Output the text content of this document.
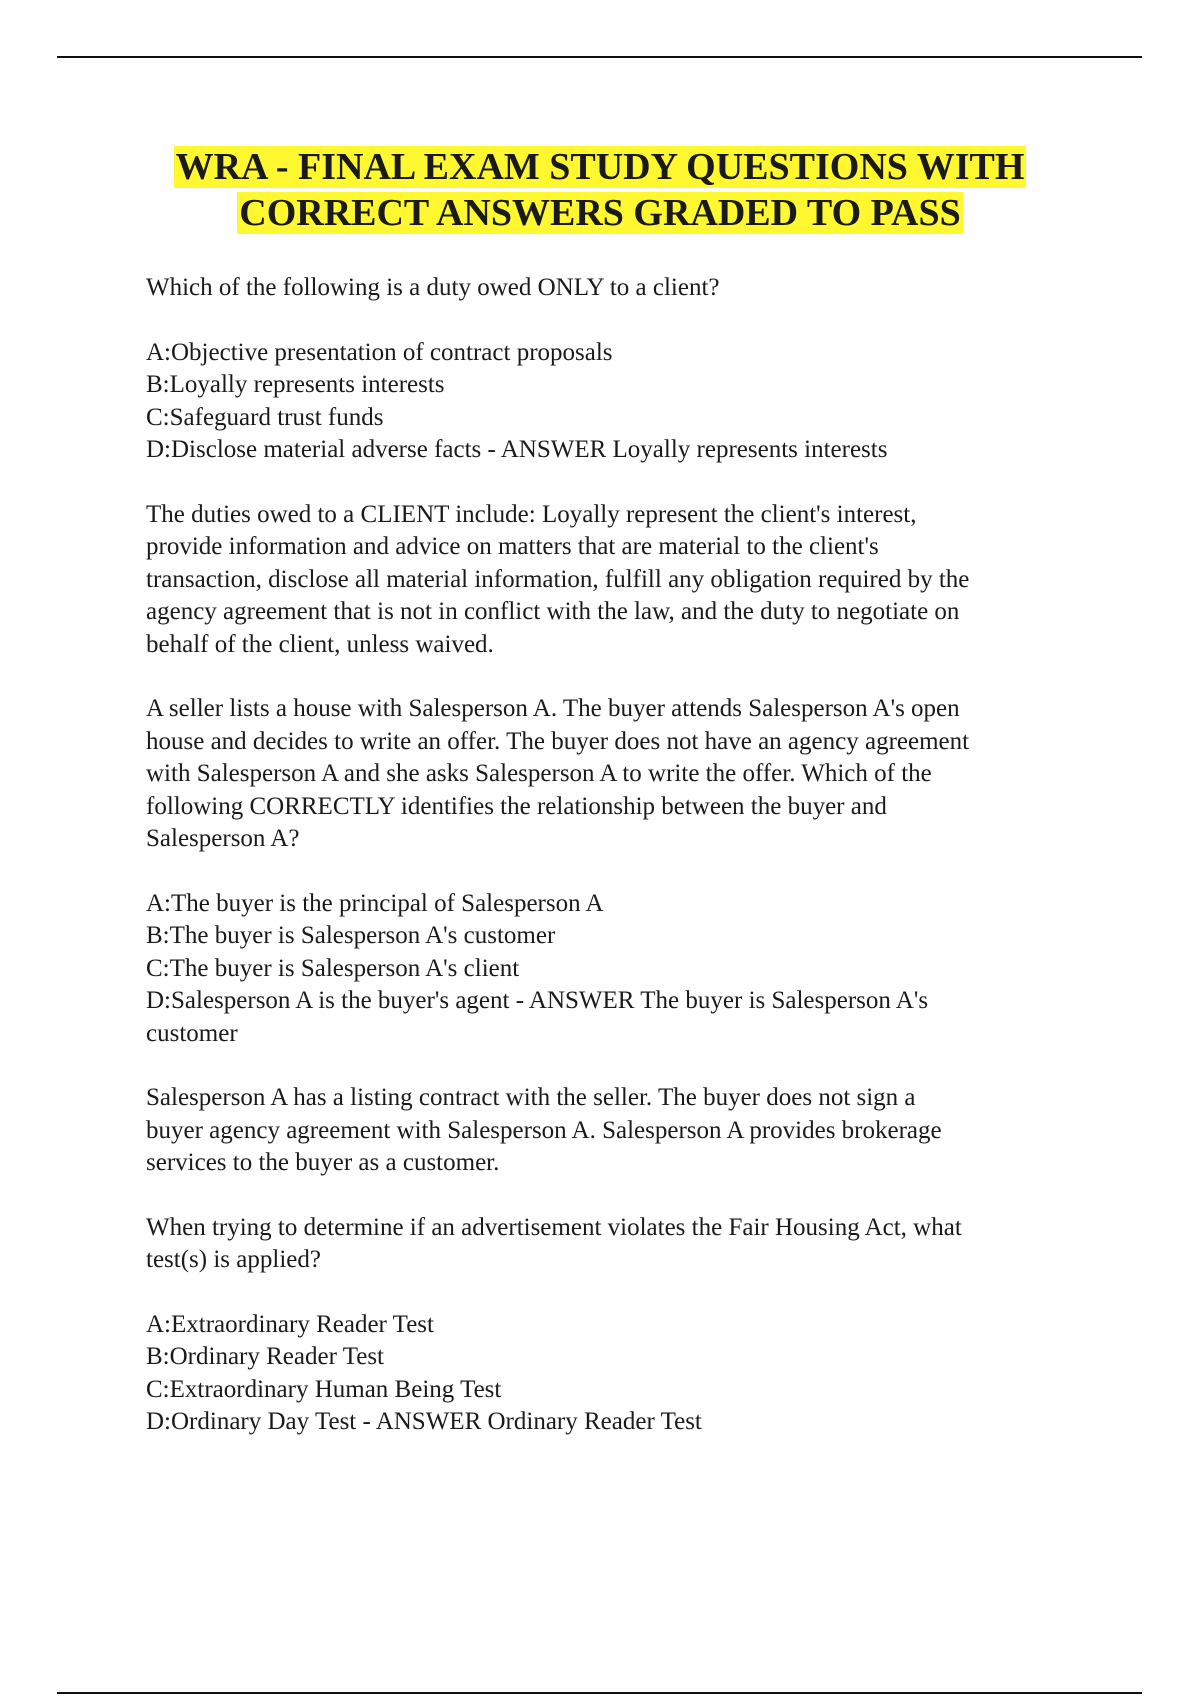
WRA - FINAL EXAM STUDY QUESTIONS WITH
CORRECT ANSWERS GRADED TO PASS

Which of the following is a duty owed ONLY to a client?

A:Objective presentation of contract proposals
B:Loyally represents interests
C:Safeguard trust funds
D:Disclose material adverse facts - ANSWER Loyally represents interests

The duties owed to a CLIENT include: Loyally represent the client's interest,
provide information and advice on matters that are material to the client's
transaction, disclose all material information, fulfill any obligation required by the
agency agreement that is not in conflict with the law, and the duty to negotiate on
behalf of the client, unless waived.

A seller lists a house with Salesperson A. The buyer attends Salesperson A's open
house and decides to write an offer. The buyer does not have an agency agreement
with Salesperson A and she asks Salesperson A to write the offer. Which of the
following CORRECTLY identifies the relationship between the buyer and
Salesperson A?

A:The buyer is the principal of Salesperson A
B:The buyer is Salesperson A's customer
C:The buyer is Salesperson A's client
D:Salesperson A is the buyer's agent - ANSWER The buyer is Salesperson A's
customer

Salesperson A has a listing contract with the seller. The buyer does not sign a
buyer agency agreement with Salesperson A. Salesperson A provides brokerage
services to the buyer as a customer.

When trying to determine if an advertisement violates the Fair Housing Act, what
test(s) is applied?

A:Extraordinary Reader Test
B:Ordinary Reader Test
C:Extraordinary Human Being Test
D:Ordinary Day Test - ANSWER Ordinary Reader Test
